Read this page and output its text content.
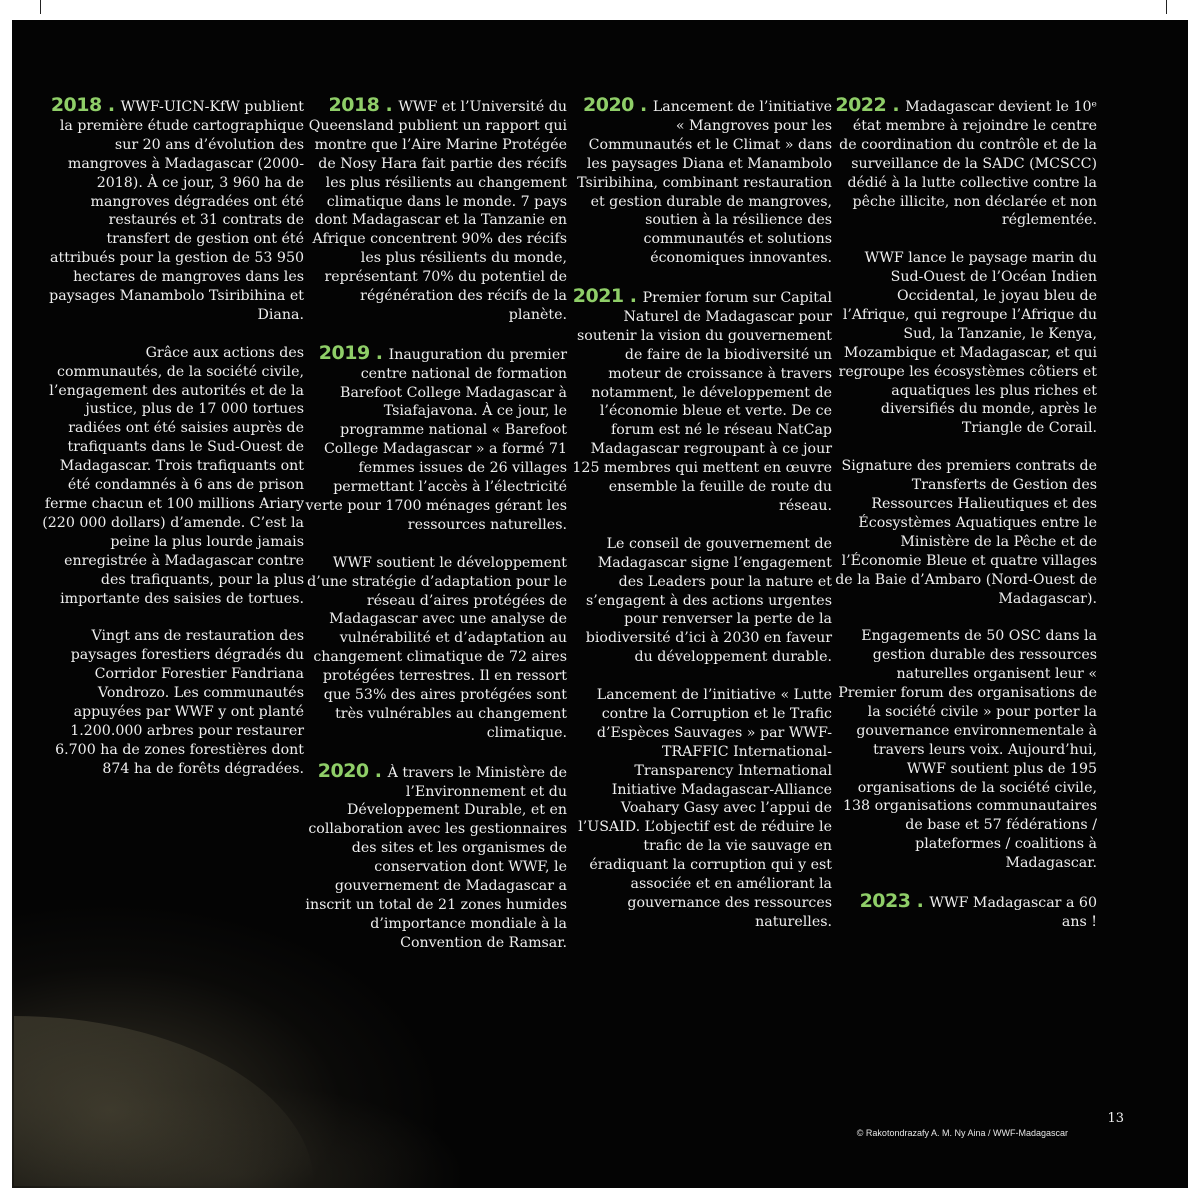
2018 . WWF-UICN-KfW publient la première étude cartographique sur 20 ans d’évolution des mangroves à Madagascar (2000-2018). À ce jour, 3 960 ha de mangroves dégradées ont été restaurés et 31 contrats de transfert de gestion ont été attribués pour la gestion de 53 950 hectares de mangroves dans les paysages Manambolo Tsiribihina et Diana.

Grâce aux actions des communautés, de la société civile, l’engagement des autorités et de la justice, plus de 17 000 tortues radiées ont été saisies auprès de trafiquants dans le Sud-Ouest de Madagascar. Trois trafiquants ont été condamnés à 6 ans de prison ferme chacun et 100 millions Ariary (220 000 dollars) d’amende. C’est la peine la plus lourde jamais enregistrée à Madagascar contre des trafiquants, pour la plus importante des saisies de tortues.

Vingt ans de restauration des paysages forestiers dégradés du Corridor Forestier Fandriana Vondrozo. Les communautés appuyées par WWF y ont planté 1.200.000 arbres pour restaurer 6.700 ha de zones forestières dont 874 ha de forêts dégradées.

2018 . WWF et l’Université du Queensland publient un rapport qui montre que l’Aire Marine Protégée de Nosy Hara fait partie des récifs les plus résilients au changement climatique dans le monde. 7 pays dont Madagascar et la Tanzanie en Afrique concentrent 90% des récifs les plus résilients du monde, représentant 70% du potentiel de régénération des récifs de la planète.

2019 . Inauguration du premier centre national de formation Barefoot College Madagascar à Tsiafajavona. À ce jour, le programme national « Barefoot College Madagascar » a formé 71 femmes issues de 26 villages permettant l’accès à l’électricité verte pour 1700 ménages gérant les ressources naturelles.

WWF soutient le développement d’une stratégie d’adaptation pour le réseau d’aires protégées de Madagascar avec une analyse de vulnérabilité et d’adaptation au changement climatique de 72 aires protégées terrestres. Il en ressort que 53% des aires protégées sont très vulnérables au changement climatique.

2020 . À travers le Ministère de l’Environnement et du Développement Durable, et en collaboration avec les gestionnaires des sites et les organismes de conservation dont WWF, le gouvernement de Madagascar a inscrit un total de 21 zones humides d’importance mondiale à la Convention de Ramsar.

2020 . Lancement de l’initiative « Mangroves pour les Communautés et le Climat » dans les paysages Diana et Manambolo Tsiribihina, combinant restauration et gestion durable de mangroves, soutien à la résilience des communautés et solutions économiques innovantes.

2021 . Premier forum sur Capital Naturel de Madagascar pour soutenir la vision du gouvernement de faire de la biodiversité un moteur de croissance à travers notamment, le développement de l’économie bleue et verte. De ce forum est né le réseau NatCap Madagascar regroupant à ce jour 125 membres qui mettent en œuvre ensemble la feuille de route du réseau.

Le conseil de gouvernement de Madagascar signe l’engagement des Leaders pour la nature et s’engagent à des actions urgentes pour renverser la perte de la biodiversité d’ici à 2030 en faveur du développement durable.

Lancement de l’initiative « Lutte contre la Corruption et le Trafic d’Espèces Sauvages » par WWF-TRAFFIC International-Transparency International Initiative Madagascar-Alliance Voahary Gasy avec l’appui de l’USAID. L’objectif est de réduire le trafic de la vie sauvage en éradiquant la corruption qui y est associée et en améliorant la gouvernance des ressources naturelles.

2022 . Madagascar devient le 10ᵉ état membre à rejoindre le centre de coordination du contrôle et de la surveillance de la SADC (MCSCC) dédié à la lutte collective contre la pêche illicite, non déclarée et non réglementée.

WWF lance le paysage marin du Sud-Ouest de l’Océan Indien Occidental, le joyau bleu de l’Afrique, qui regroupe l’Afrique du Sud, la Tanzanie, le Kenya, Mozambique et Madagascar, et qui regroupe les écosystèmes côtiers et aquatiques les plus riches et diversifiés du monde, après le Triangle de Corail.

Signature des premiers contrats de Transferts de Gestion des Ressources Halieutiques et des Écosystèmes Aquatiques entre le Ministère de la Pêche et de l’Économie Bleue et quatre villages de la Baie d’Ambaro (Nord-Ouest de Madagascar).

Engagements de 50 OSC dans la gestion durable des ressources naturelles organisent leur « Premier forum des organisations de la société civile » pour porter la gouvernance environnementale à travers leurs voix. Aujourd’hui, WWF soutient plus de 195 organisations de la société civile, 138 organisations communautaires de base et 57 fédérations / plateformes / coalitions à Madagascar.

2023 . WWF Madagascar a 60 ans !

13
© Rakotondrazafy A. M. Ny Aina / WWF-Madagascar
